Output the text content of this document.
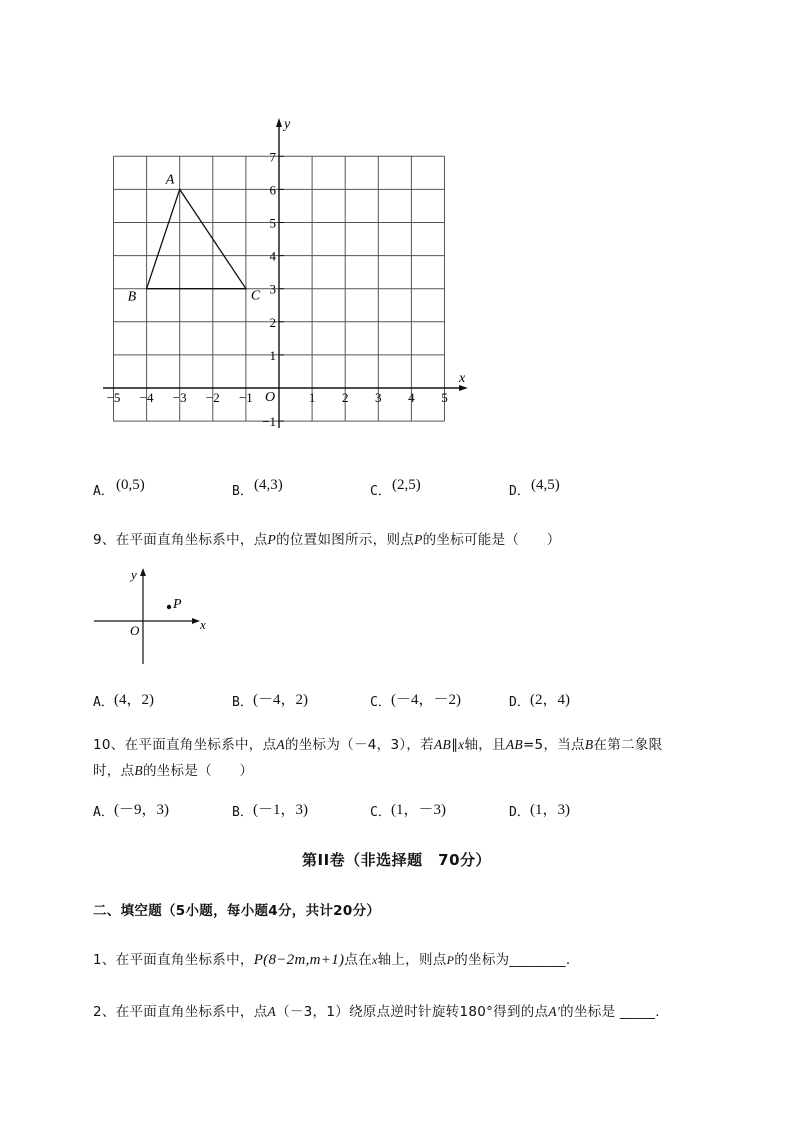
−5 −4 −3 −2 −1	1 2 3 4 5
7
6
5
4
3
2
1
−1
x
y
O
A
B	C
A． (0,5)	B． (4,3)	C． (2,5)	D． (4,5)
9、在平面直角坐标系中，点P的位置如图所示，则点P的坐标可能是（　　）
P
x
y
O
A． (4，2)	B． (－4，2)	C． (－4，－2)	D． (2，4)
10、在平面直角坐标系中，点A的坐标为（－4，3），若AB∥x轴，且AB=5，当点B在第二象限
时，点B的坐标是（　　）
A． (－9，3)	B． (－1，3)	C． (1，－3)	D． (1，3)
第II卷（非选择题　70分）
二、填空题（5小题，每小题4分，共计20分）
1、在平面直角坐标系中，P(8−2m,m+1)点在x轴上，则点P的坐标为________.
2、在平面直角坐标系中，点A（－3，1）绕原点逆时针旋转180°得到的点A′的坐标是 _____.
